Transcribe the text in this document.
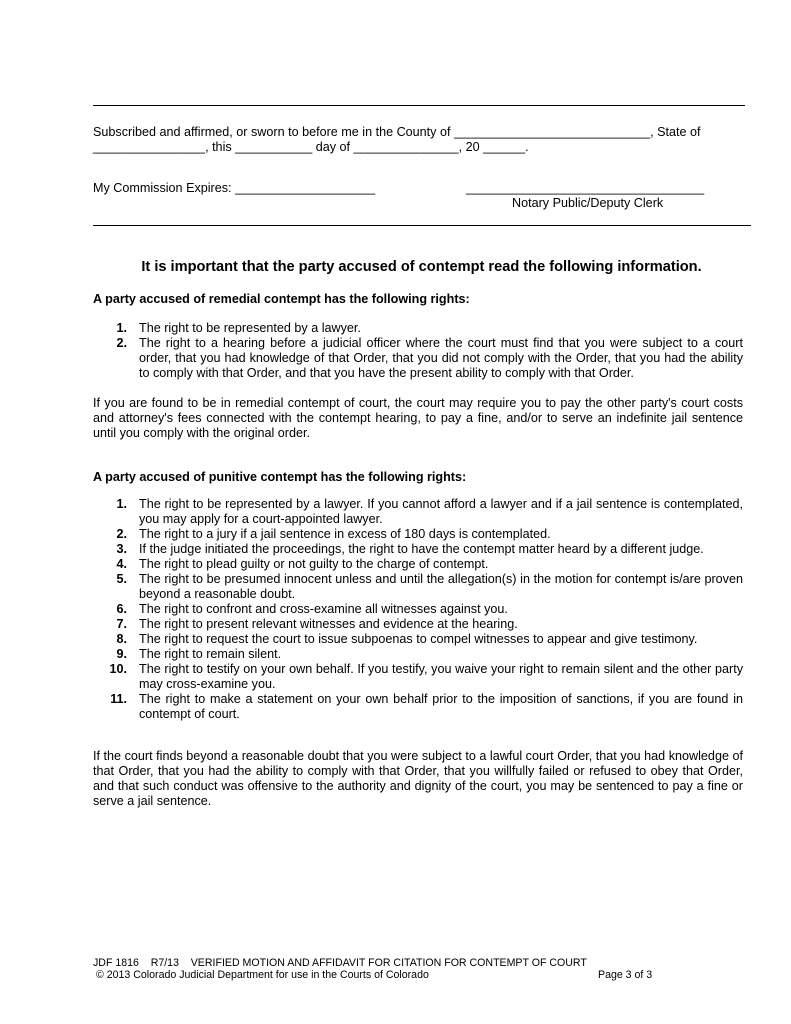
Subscribed and affirmed, or sworn to before me in the County of ____________________________, State of
________________, this ___________ day of _______________, 20 ______.
My Commission Expires: ____________________	__________________________________
Notary Public/Deputy Clerk
It is important that the party accused of contempt read the following information.
A party accused of remedial contempt has the following rights:
1. The right to be represented by a lawyer.
2. The right to a hearing before a judicial officer where the court must find that you were subject to a court order, that you had knowledge of that Order, that you did not comply with the Order, that you had the ability to comply with that Order, and that you have the present ability to comply with that Order.
If you are found to be in remedial contempt of court, the court may require you to pay the other party's court costs and attorney's fees connected with the contempt hearing, to pay a fine, and/or to serve an indefinite jail sentence until you comply with the original order.
A party accused of punitive contempt has the following rights:
1. The right to be represented by a lawyer. If you cannot afford a lawyer and if a jail sentence is contemplated, you may apply for a court-appointed lawyer.
2. The right to a jury if a jail sentence in excess of 180 days is contemplated.
3. If the judge initiated the proceedings, the right to have the contempt matter heard by a different judge.
4. The right to plead guilty or not guilty to the charge of contempt.
5. The right to be presumed innocent unless and until the allegation(s) in the motion for contempt is/are proven beyond a reasonable doubt.
6. The right to confront and cross-examine all witnesses against you.
7. The right to present relevant witnesses and evidence at the hearing.
8. The right to request the court to issue subpoenas to compel witnesses to appear and give testimony.
9. The right to remain silent.
10. The right to testify on your own behalf. If you testify, you waive your right to remain silent and the other party may cross-examine you.
11. The right to make a statement on your own behalf prior to the imposition of sanctions, if you are found in contempt of court.
If the court finds beyond a reasonable doubt that you were subject to a lawful court Order, that you had knowledge of that Order, that you had the ability to comply with that Order, that you willfully failed or refused to obey that Order, and that such conduct was offensive to the authority and dignity of the court, you may be sentenced to pay a fine or serve a jail sentence.
JDF 1816    R7/13    VERIFIED MOTION AND AFFIDAVIT FOR CITATION FOR CONTEMPT OF COURT
© 2013 Colorado Judicial Department for use in the Courts of Colorado	Page 3 of 3
